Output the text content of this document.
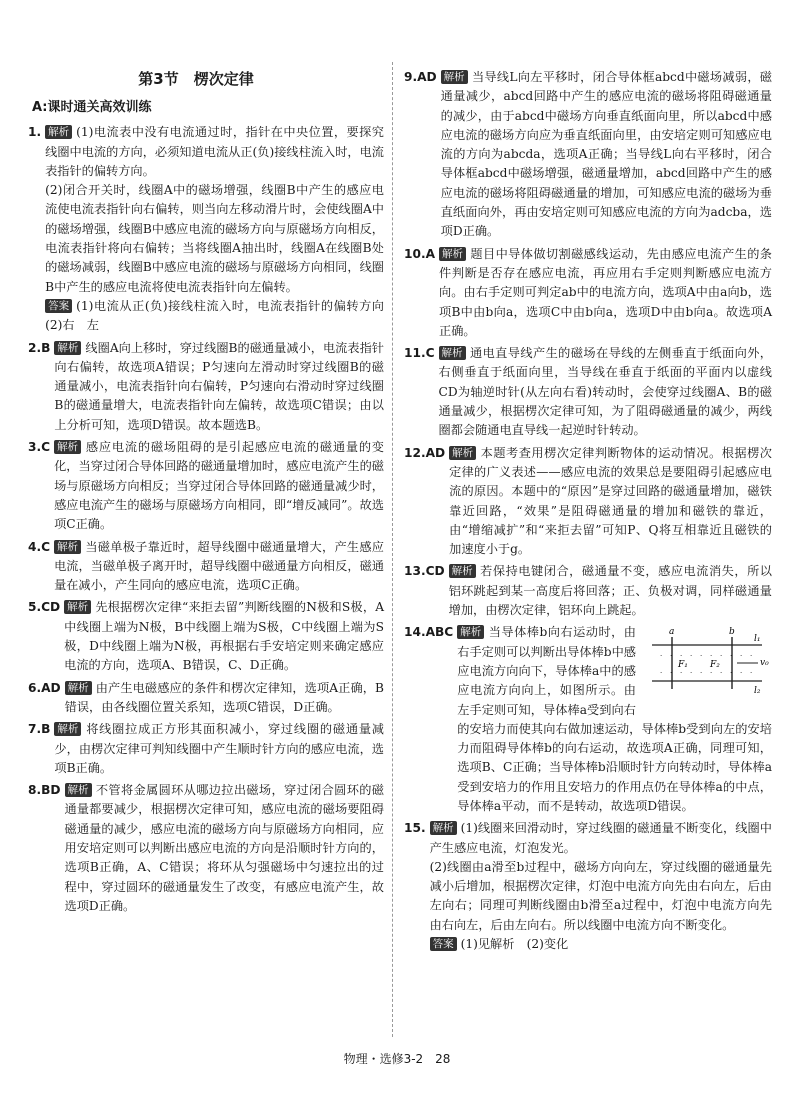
第3节　楞次定律
A:课时通关高效训练
1. 解析 (1)电流表中没有电流通过时，指针在中央位置，要探究线圈中电流的方向，必须知道电流从正(负)接线柱流入时，电流表指针的偏转方向。
(2)闭合开关时，线圈A中的磁场增强，线圈B中产生的感应电流使电流表指针向右偏转，则当向左移动滑片时，会使线圈A中的磁场增强，线圈B中感应电流的磁场方向与原磁场方向相反，电流表指针将向右偏转；当将线圈A抽出时，线圈A在线圈B处的磁场减弱，线圈B中感应电流的磁场与原磁场方向相同，线圈B中产生的感应电流将使电流表指针向左偏转。
答案 (1)电流从正(负)接线柱流入时，电流表指针的偏转方向　(2)右　左
2.B 解析 线圈A向上移时，穿过线圈B的磁通量减小，电流表指针向右偏转，故选项A错误；P匀速向左滑动时穿过线圈B的磁通量减小，电流表指针向右偏转，P匀速向右滑动时穿过线圈B的磁通量增大，电流表指针向左偏转，故选项C错误；由以上分析可知，选项D错误。故本题选B。
3.C 解析 感应电流的磁场阻碍的是引起感应电流的磁通量的变化，当穿过闭合导体回路的磁通量增加时，感应电流产生的磁场与原磁场方向相反；当穿过闭合导体回路的磁通量减少时，感应电流产生的磁场与原磁场方向相同，即“增反减同”。故选项C正确。
4.C 解析 当磁单极子靠近时，超导线圈中磁通量增大，产生感应电流，当磁单极子离开时，超导线圈中磁通量方向相反，磁通量在减小，产生同向的感应电流，选项C正确。
5.CD 解析 先根据楞次定律“来拒去留”判断线圈的N极和S极，A中线圈上端为N极，B中线圈上端为S极，C中线圈上端为S极，D中线圈上端为N极，再根据右手安培定则来确定感应电流的方向，选项A、B错误，C、D正确。
6.AD 解析 由产生电磁感应的条件和楞次定律知，选项A正确，B错误，由各线圈位置关系知，选项C错误，D正确。
7.B 解析 将线圈拉成正方形其面积减小，穿过线圈的磁通量减少，由楞次定律可判知线圈中产生顺时针方向的感应电流，选项B正确。
8.BD 解析 不管将金属圆环从哪边拉出磁场，穿过闭合圆环的磁通量都要减少，根据楞次定律可知，感应电流的磁场要阻碍磁通量的减少，感应电流的磁场方向与原磁场方向相同，应用安培定则可以判断出感应电流的方向是沿顺时针方向的，选项B正确，A、C错误；将环从匀强磁场中匀速拉出的过程中，穿过圆环的磁通量发生了改变，有感应电流产生，故选项D正确。
9.AD 解析 当导线L向左平移时，闭合导体框abcd中磁场减弱，磁通量减少，abcd回路中产生的感应电流的磁场将阻碍磁通量的减少，由于abcd中磁场方向垂直纸面向里，所以abcd中感应电流的磁场方向应为垂直纸面向里，由安培定则可知感应电流的方向为abcda，选项A正确；当导线L向右平移时，闭合导体框abcd中磁场增强，磁通量增加，abcd回路中产生的感应电流的磁场将阻碍磁通量的增加，可知感应电流的磁场为垂直纸面向外，再由安培定则可知感应电流的方向为adcba，选项D正确。
10.A 解析 题目中导体做切割磁感线运动，先由感应电流产生的条件判断是否存在感应电流，再应用右手定则判断感应电流方向。由右手定则可判定ab中的电流方向，选项A中由a向b，选项B中由b向a，选项C中由b向a，选项D中由b向a。故选项A正确。
11.C 解析 通电直导线产生的磁场在导线的左侧垂直于纸面向外，右侧垂直于纸面向里，当导线在垂直于纸面的平面内以虚线CD为轴逆时针(从左向右看)转动时，会使穿过线圈A、B的磁通量减少，根据楞次定律可知，为了阻碍磁通量的减少，两线圈都会随通电直导线一起逆时针转动。
12.AD 解析 本题考查用楞次定律判断物体的运动情况。根据楞次定律的广义表述——感应电流的效果总是要阻碍引起感应电流的原因。本题中的“原因”是穿过回路的磁通量增加，磁铁靠近回路，“效果”是阻碍磁通量的增加和磁铁的靠近，由“增缩减扩”和“来拒去留”可知P、Q将互相靠近且磁铁的加速度小于g。
13.CD 解析 若保持电键闭合，磁通量不变，感应电流消失，所以铝环跳起到某一高度后将回落；正、负极对调，同样磁通量增加，由楞次定律，铝环向上跳起。
14.ABC
·
·
·
·
·
·
·
·
·
·
·
·
·
·
·
·
·
·
·
·
a	b
l₁
l₂
v₀
F₁ F₂
解析 当导体棒b向右运动时，由右手定则可以判断出导体棒b中感应电流方向向下，导体棒a中的感应电流方向向上，如图所示。由左手定则可知，导体棒a受到向右的安培力而使其向右做加速运动，导体棒b受到向左的安培力而阻碍导体棒b的向右运动，故选项A正确，同理可知，选项B、C正确；当导体棒b沿顺时针方向转动时，导体棒a受到安培力的作用且安培力的作用点仍在导体棒a的中点，导体棒a平动，而不是转动，故选项D错误。
15. 解析 (1)线圈来回滑动时，穿过线圈的磁通量不断变化，线圈中产生感应电流，灯泡发光。
(2)线圈由a滑至b过程中，磁场方向向左，穿过线圈的磁通量先减小后增加，根据楞次定律，灯泡中电流方向先由右向左，后由左向右；同理可判断线圈由b滑至a过程中，灯泡中电流方向先由右向左，后由左向右。所以线圈中电流方向不断变化。
答案 (1)见解析　(2)变化
物理・选修3-2　28
